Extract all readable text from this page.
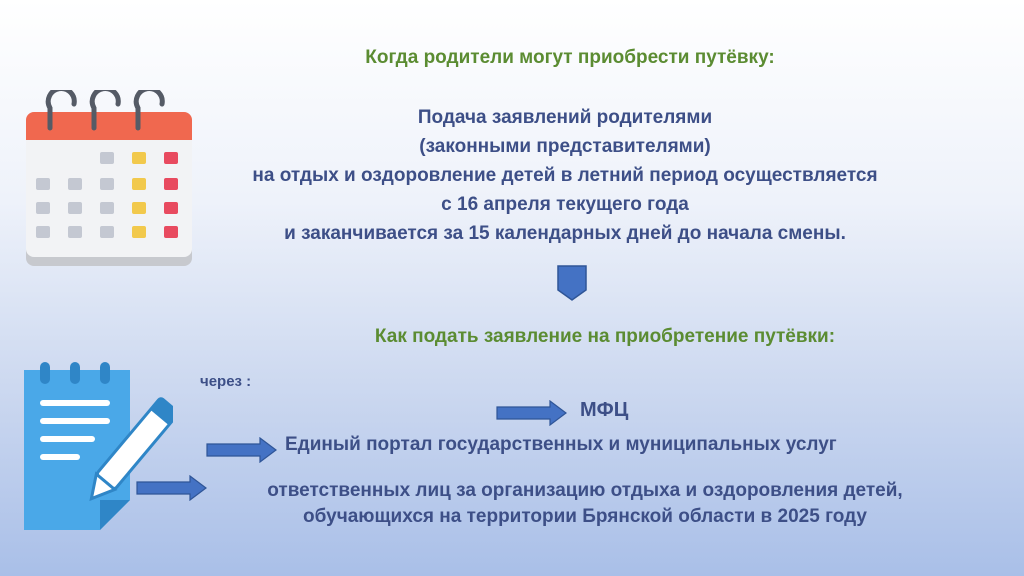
Когда родители могут приобрести путёвку:
Подача заявлений родителями
(законными представителями)
на отдых и оздоровление детей в летний период осуществляется
с 16 апреля текущего года
и заканчивается за 15 календарных дней до начала смены.
Как подать заявление на приобретение путёвки:
через :
МФЦ
Единый портал государственных и муниципальных услуг
ответственных лиц за организацию отдыха и оздоровления детей,
обучающихся на территории Брянской области в 2025 году
